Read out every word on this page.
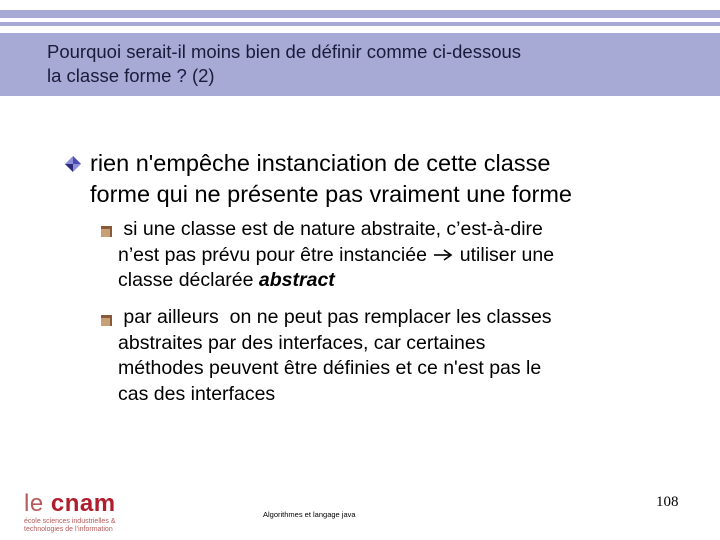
Pourquoi serait-il moins bien de définir comme ci-dessous
la classe forme ? (2)
rien n'empêche instanciation de cette classe
forme qui ne présente pas vraiment une forme
si une classe est de nature abstraite, c’est-à-dire
n’est pas prévu pour être instanciée  utiliser une
classe déclarée abstract
par ailleurs  on ne peut pas remplacer les classes
abstraites par des interfaces, car certaines
méthodes peuvent être définies et ce n'est pas le
cas des interfaces
le cnam
école sciences industrielles &
technologies de l’information
Algorithmes et langage java
108
